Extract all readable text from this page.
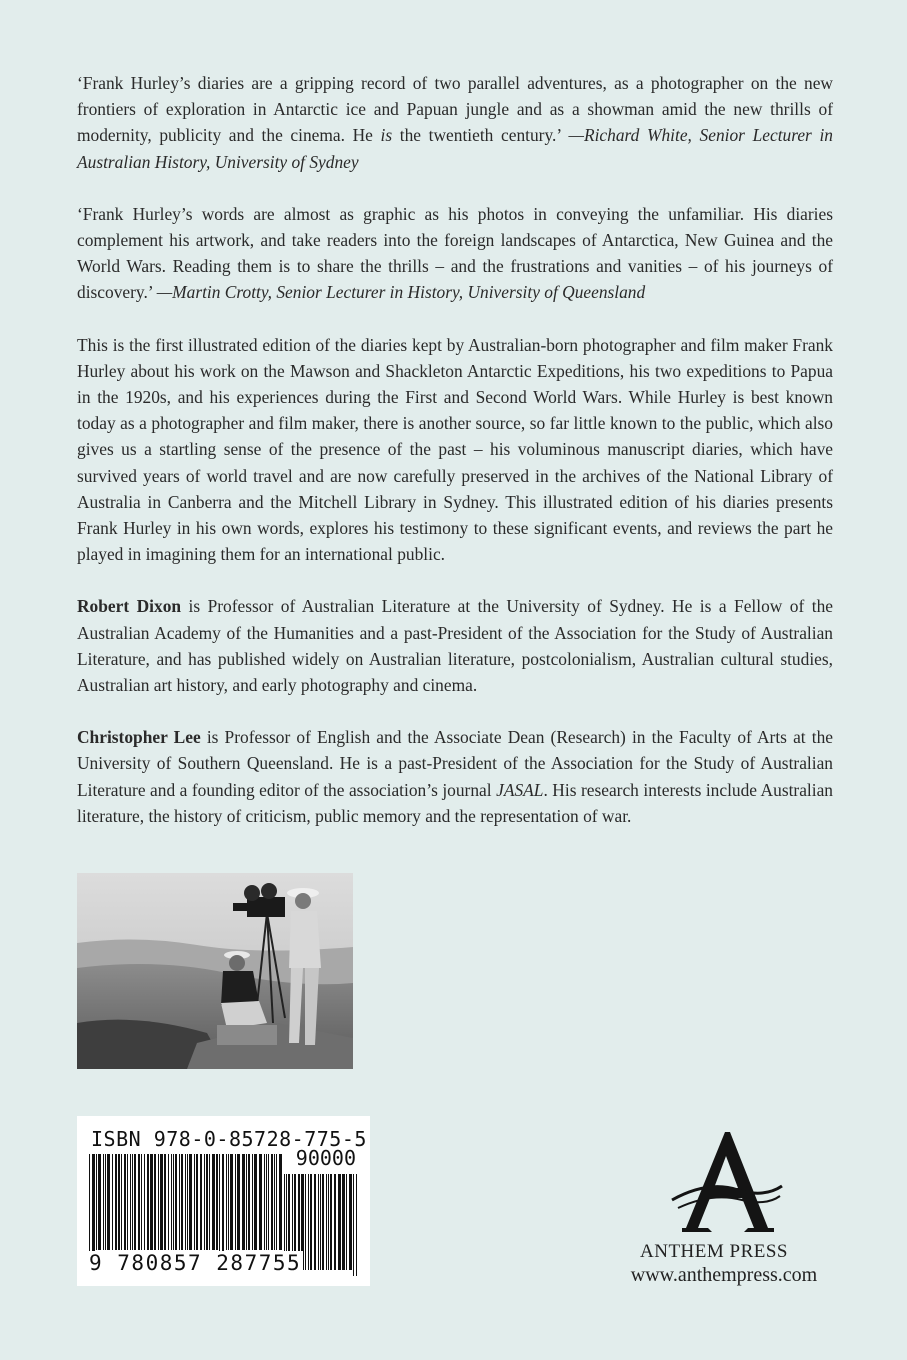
‘Frank Hurley’s diaries are a gripping record of two parallel adventures, as a photographer on the new frontiers of exploration in Antarctic ice and Papuan jungle and as a showman amid the new thrills of modernity, publicity and the cinema. He is the twentieth century.’ —Richard White, Senior Lecturer in Australian History, University of Sydney

‘Frank Hurley’s words are almost as graphic as his photos in conveying the unfamiliar. His diaries complement his artwork, and take readers into the foreign landscapes of Antarctica, New Guinea and the World Wars. Reading them is to share the thrills – and the frustrations and vanities – of his journeys of discovery.’ —Martin Crotty, Senior Lecturer in History, University of Queensland

This is the first illustrated edition of the diaries kept by Australian-born photographer and film maker Frank Hurley about his work on the Mawson and Shackleton Antarctic Expeditions, his two expeditions to Papua in the 1920s, and his experiences during the First and Second World Wars. While Hurley is best known today as a photographer and film maker, there is another source, so far little known to the public, which also gives us a startling sense of the presence of the past – his voluminous manuscript diaries, which have survived years of world travel and are now carefully preserved in the archives of the National Library of Australia in Canberra and the Mitchell Library in Sydney. This illustrated edition of his diaries presents Frank Hurley in his own words, explores his testimony to these significant events, and reviews the part he played in imagining them for an international public.

Robert Dixon is Professor of Australian Literature at the University of Sydney. He is a Fellow of the Australian Academy of the Humanities and a past-President of the Association for the Study of Australian Literature, and has published widely on Australian literature, postcolonialism, Australian cultural studies, Australian art history, and early photography and cinema.

Christopher Lee is Professor of English and the Associate Dean (Research) in the Faculty of Arts at the University of Southern Queensland. He is a past-President of the Association for the Study of Australian Literature and a founding editor of the association’s journal JASAL. His research interests include Australian literature, the history of criticism, public memory and the representation of war.

ISBN 978-0-85728-775-5
90000
9 780857 287755	ANTHEM PRESS
www.anthempress.com
